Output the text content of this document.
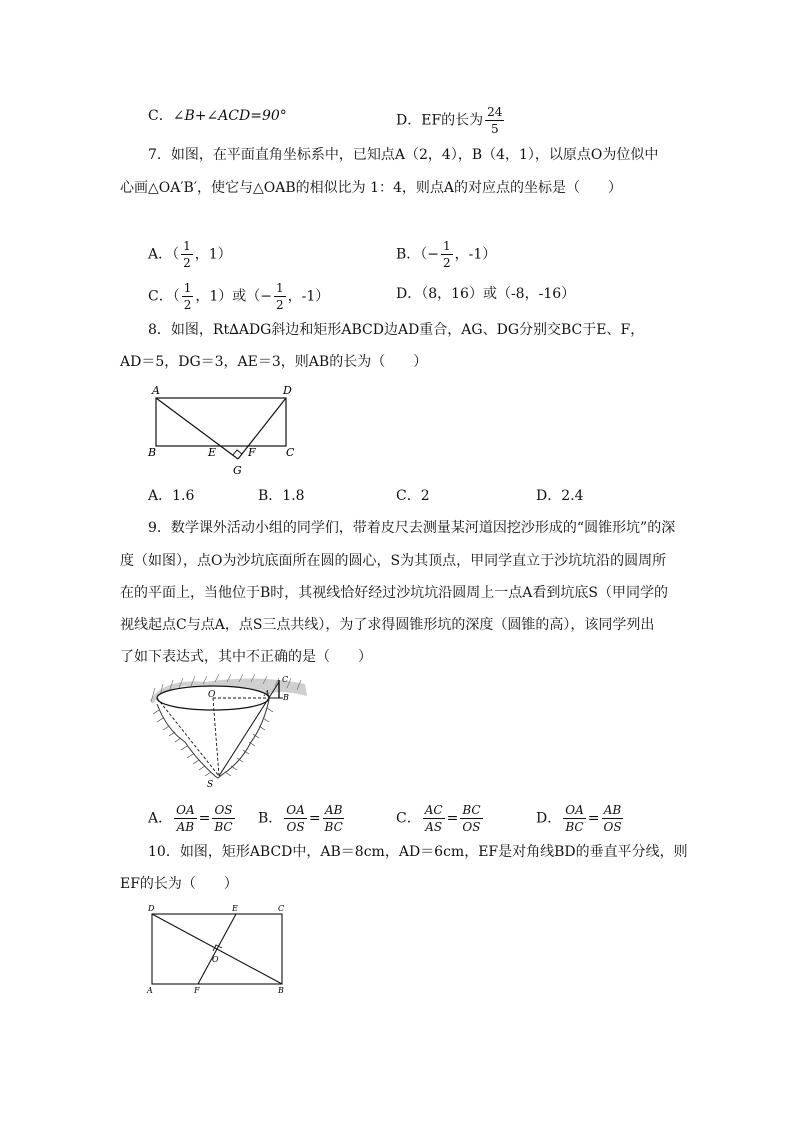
C．∠B+∠ACD=90°	D．EF的长为 $\frac{24}{5}$
7．如图，在平面直角坐标系中，已知点A（2，4），B（4，1），以原点O为位似中
心画△OA′B′，使它与△OAB的相似比为 1：4，则点A的对应点的坐标是（　　）
A．（ $\frac{1}{2}$ ，1）	B．（− $\frac{1}{2}$ ，-1）
C．（ $\frac{1}{2}$ ，1）或（− $\frac{1}{2}$ ，-1）	D．（8，16）或（-8，-16）
8．如图，Rt∆ADG斜边和矩形ABCD边AD重合，AG、DG分别交BC于E、F，
AD＝5，DG＝3，AE＝3，则AB的长为（　　）
A	D
B	E	F	C
G
A．1.6	B．1.8	C．2	D．2.4
9．数学课外活动小组的同学们，带着皮尺去测量某河道因挖沙形成的“圆锥形坑”的深
度（如图），点O为沙坑底面所在圆的圆心，S为其顶点，甲同学直立于沙坑坑沿的圆周所
在的平面上，当他位于B时，其视线恰好经过沙坑坑沿圆周上一点A看到坑底S（甲同学的
视线起点C与点A，点S三点共线），为了求得圆锥形坑的深度（圆锥的高），该同学列出
了如下表达式，其中不正确的是（　　）
O	A B
C
S
A． $\frac{OA}{AB} = \frac{OS}{BC}$ B． $\frac{OA}{OS} = \frac{AB}{BC}$	C． $\frac{AC}{AS} = \frac{BC}{OS}$	D． $\frac{OA}{BC} = \frac{AB}{OS}$
10．如图，矩形ABCD中，AB＝8cm，AD＝6cm，EF是对角线BD的垂直平分线，则
EF的长为（　　）
D	E	C
O
A	F	B
